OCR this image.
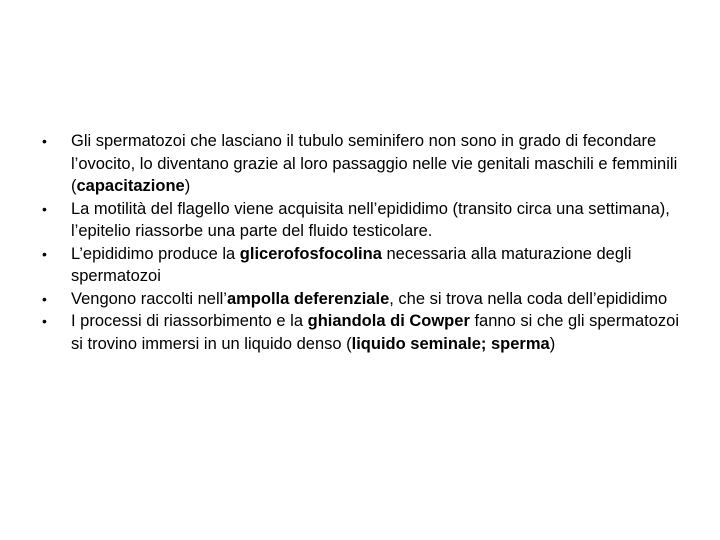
•	Gli spermatozoi che lasciano il tubulo seminifero non sono in grado di fecondare l’ovocito, lo diventano grazie al loro passaggio nelle vie genitali maschili e femminili (capacitazione)
•	La motilità del flagello viene acquisita nell’epididimo (transito circa una settimana), l’epitelio riassorbe una parte del fluido testicolare.
•	L’epididimo produce la glicerofosfocolina necessaria alla maturazione degli spermatozoi
•	Vengono raccolti nell’ampolla deferenziale, che si trova nella coda dell’epididimo
•	I processi di riassorbimento e la ghiandola di Cowper fanno si che gli spermatozoi si trovino immersi in un liquido denso (liquido seminale; sperma)
